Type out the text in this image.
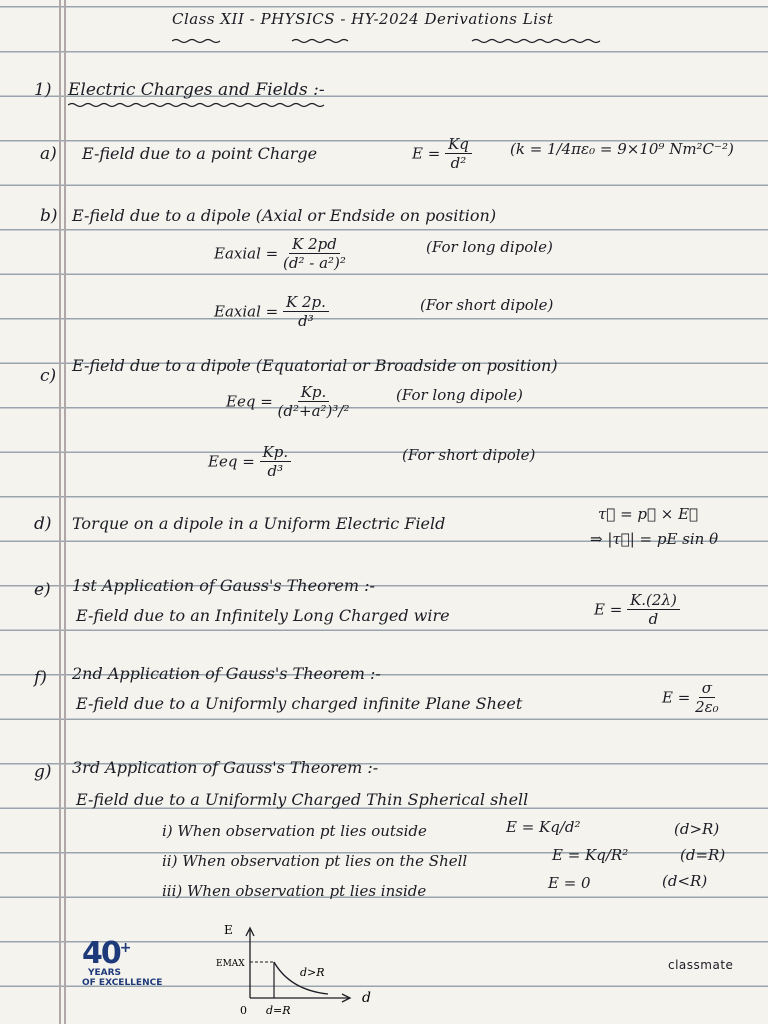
Class XII - PHYSICS - HY-2024 Derivations List
1) Electric Charges and Fields :-
a) E-field due to a point Charge	$E = \frac{Kq}{\text{d²}}$	(k = 1/4πε₀ = 9×10⁹ Nm²C⁻²)
b) E-field due to a dipole (Axial or Endside on position)
Eaxial = $\frac{K 2pd}{\text{(d² - a²)²}}$	(For long dipole)
Eaxial = $\frac{K 2p.}{\text{d³}}$	(For short dipole)
c)
E-field due to a dipole (Equatorial or Broadside on position)
Eeq = $\frac{Kp.}{\text{(d²+a²)³/²}}$	(For long dipole)
Eeq = $\frac{Kp.}{\text{d³}}$	(For short dipole)
d) Torque on a dipole in a Uniform Electric Field	τ⃗ = p⃗ × E⃗
⇒ |τ⃗| = pE sin θ
e) 1st Application of Gauss's Theorem :-
E-field due to an Infinitely Long Charged wire	$E = \frac{K.(2\lambda)}{d}$
f) 2nd Application of Gauss's Theorem :-
E-field due to a Uniformly charged infinite Plane Sheet	$E = \frac{\sigma}{\text{2ε₀}}$
g) 3rd Application of Gauss's Theorem :-
E-field due to a Uniformly Charged Thin Spherical shell
i) When observation pt lies outside	E = Kq/d²	(d>R)
ii) When observation pt lies on the Shell	E = Kq/R²	(d=R)
iii) When observation pt lies inside	E = 0	(d<R)
E
EMAX
d>R
0 d=R
d
40+
YEARS
OF EXCELLENCE
classmate
